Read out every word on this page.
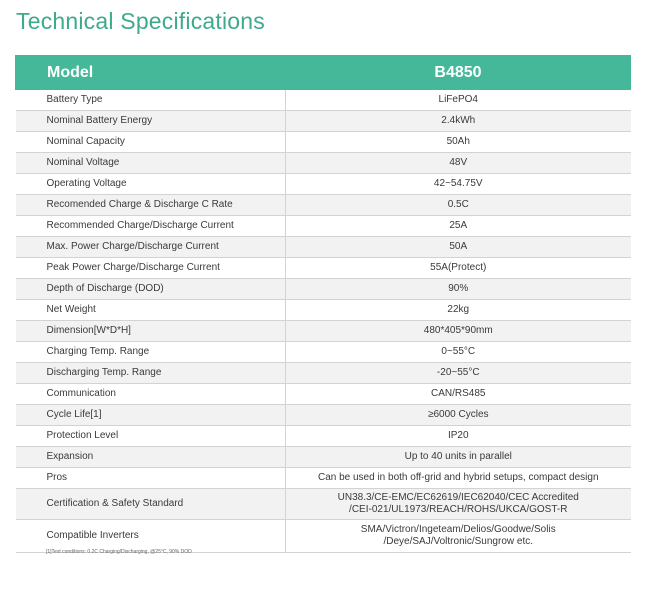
Technical Specifications
Model	B4850
Battery Type	LiFePO4
Nominal Battery Energy	2.4kWh
Nominal Capacity	50Ah
Nominal Voltage	48V
Operating Voltage	42~54.75V
Recomended Charge & Discharge C Rate	0.5C
Recommended Charge/Discharge Current	25A
Max. Power Charge/Discharge Current	50A
Peak Power Charge/Discharge Current	55A(Protect)
Depth of Discharge (DOD)	90%
Net Weight	22kg
Dimension[W*D*H]	480*405*90mm
Charging Temp. Range	0~55°C
Discharging Temp. Range	-20~55°C
Communication	CAN/RS485
Cycle Life[1]	≥6000 Cycles
Protection Level	IP20
Expansion	Up to 40 units in parallel
Pros	Can be used in both off-grid and hybrid setups, compact design
Certification & Safety Standard	UN38.3/CE-EMC/EC62619/IEC62040/CEC Accredited
/CEI-021/UL1973/REACH/ROHS/UKCA/GOST-R

Compatible Inverters	SMA/Victron/Ingeteam/Delios/Goodwe/Solis
/Deye/SAJ/Voltronic/Sungrow etc.
[1]Test conditions: 0.2C Charging/Discharging, @25°C, 90% DOD
